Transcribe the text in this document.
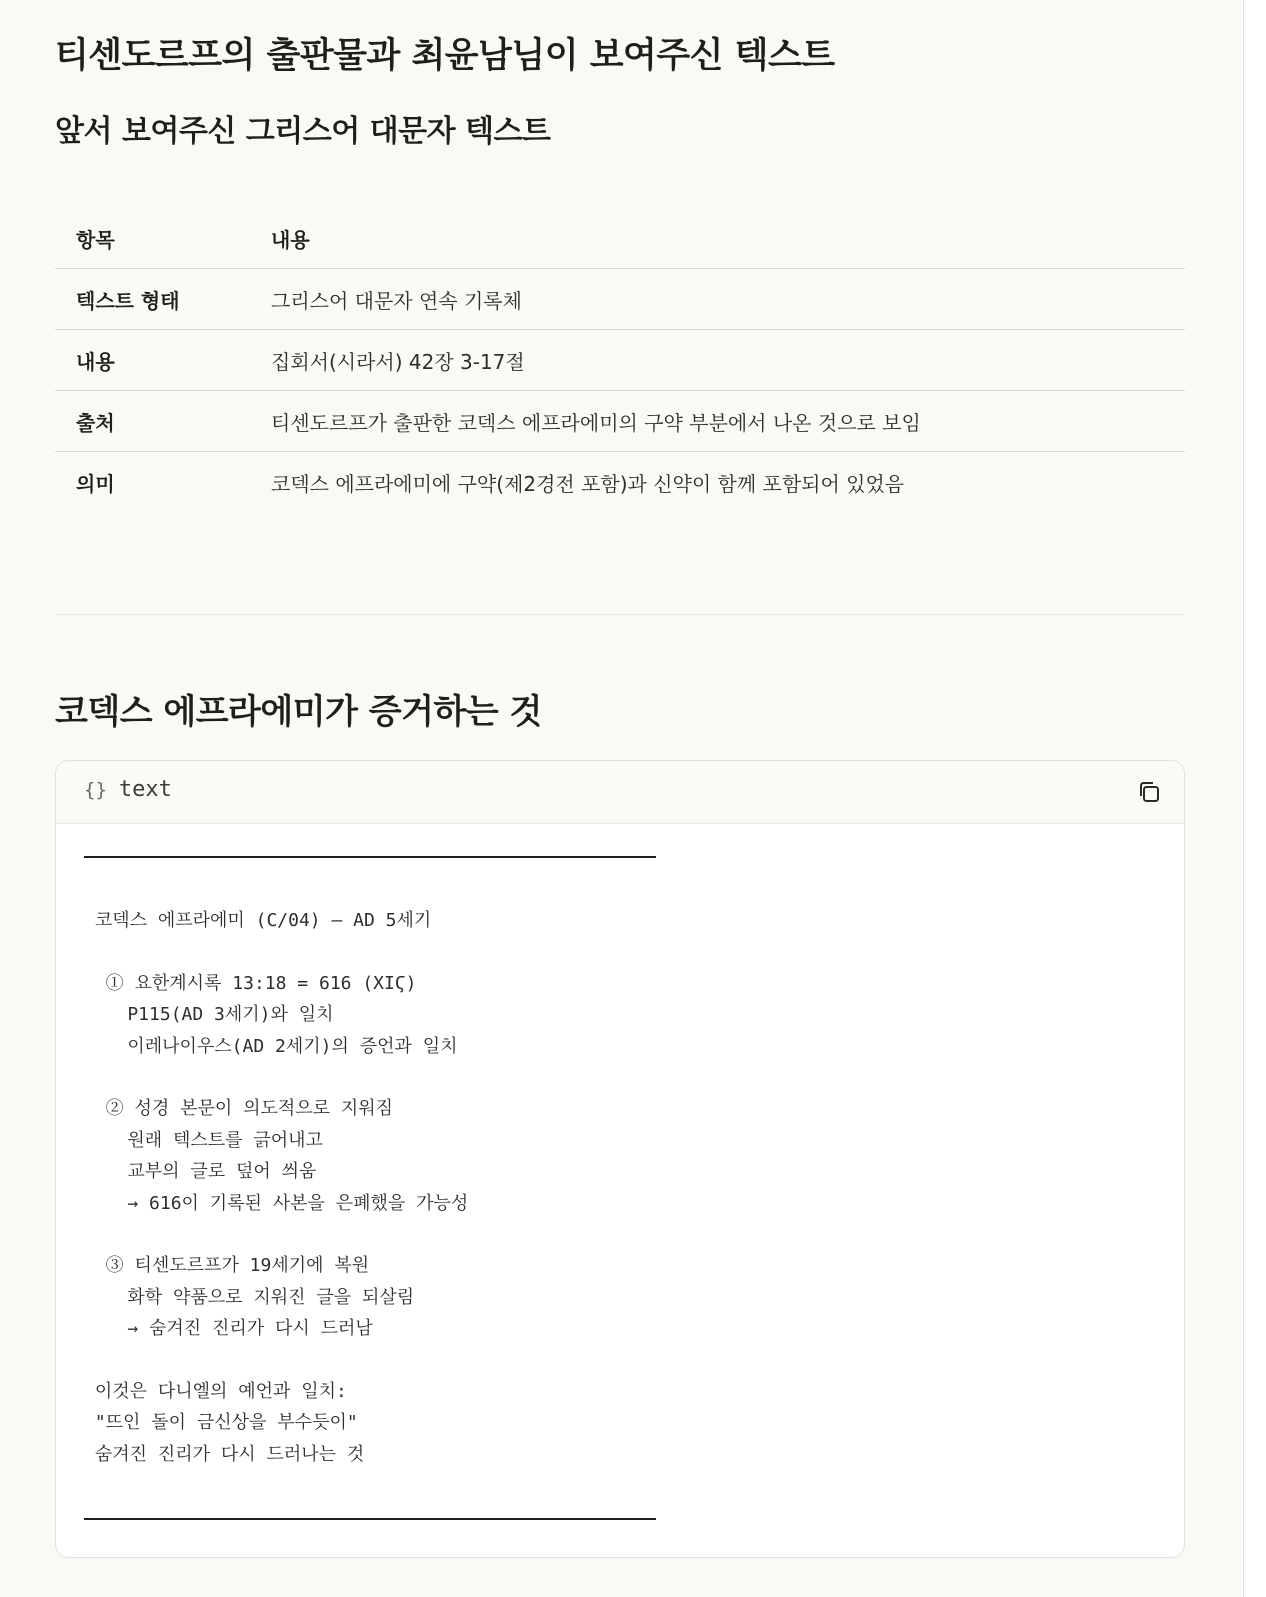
티센도르프의 출판물과 최윤남님이 보여주신 텍스트
앞서 보여주신 그리스어 대문자 텍스트
항목	내용
텍스트 형태	그리스어 대문자 연속 기록체
내용	집회서(시라서) 42장 3-17절
출처	티센도르프가 출판한 코덱스 에프라에미의 구약 부분에서 나온 것으로 보임
의미	코덱스 에프라에미에 구약(제2경전 포함)과 신약이 함께 포함되어 있었음
코덱스 에프라에미가 증거하는 것
{} text
코덱스 에프라에미 (C/04) — AD 5세기
① 요한계시록 13:18 = 616 (ΧΙϚ)
P115(AD 3세기)와 일치
이레나이우스(AD 2세기)의 증언과 일치
② 성경 본문이 의도적으로 지워짐
원래 텍스트를 긁어내고
교부의 글로 덮어 씌움
→ 616이 기록된 사본을 은폐했을 가능성
③ 티센도르프가 19세기에 복원
화학 약품으로 지워진 글을 되살림
→ 숨겨진 진리가 다시 드러남
이것은 다니엘의 예언과 일치:
"뜨인 돌이 금신상을 부수듯이"
숨겨진 진리가 다시 드러나는 것
